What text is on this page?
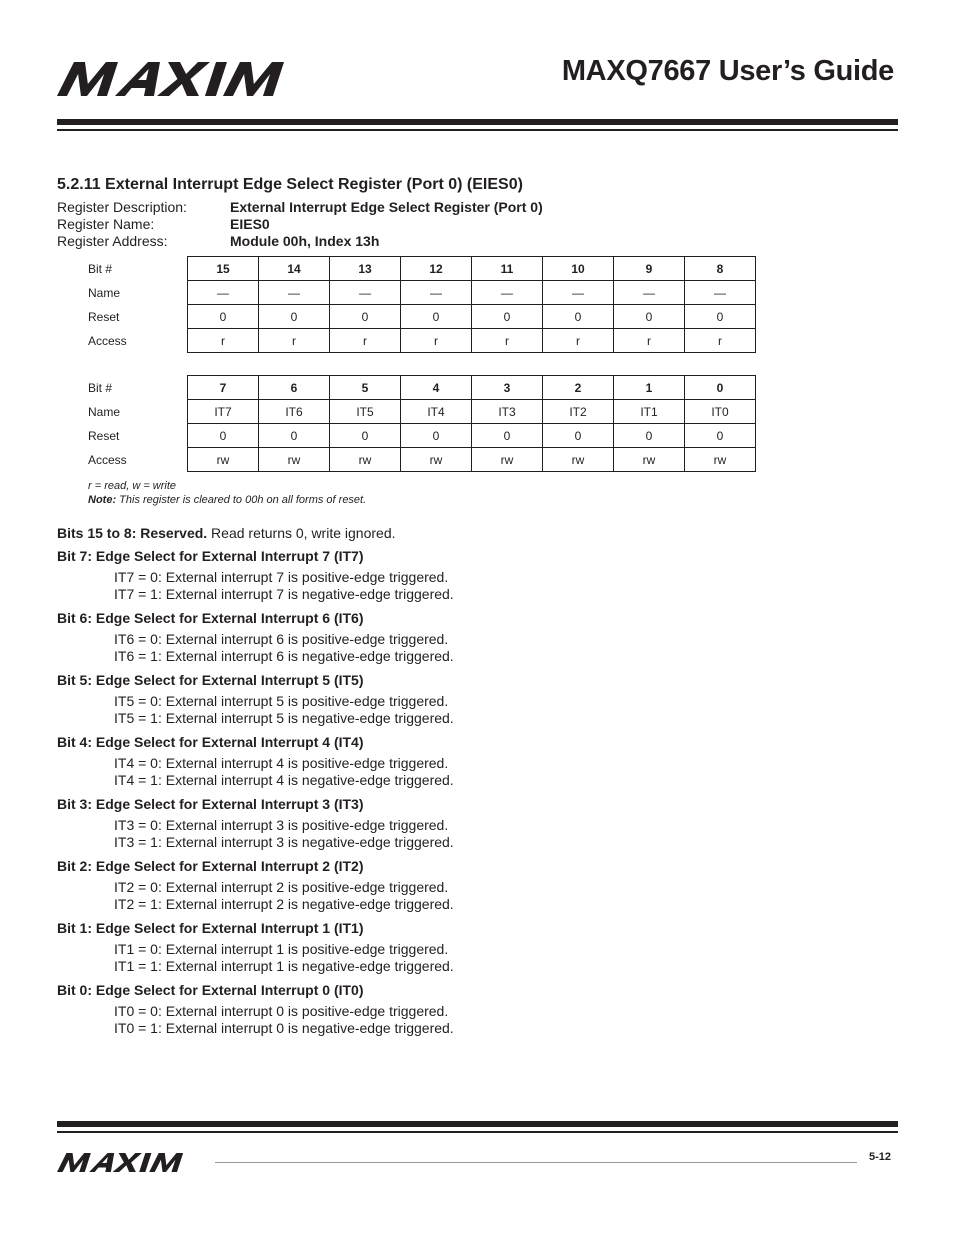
MAXQ7667 User’s Guide
5.2.11 External Interrupt Edge Select Register (Port 0) (EIES0)
Register Description:	External Interrupt Edge Select Register (Port 0)
Register Name:	EIES0
Register Address:	Module 00h, Index 13h
Bit #	15	14	13	12	11	10	9	8
Name	—	—	—	—	—	—	—	—
Reset	0	0	0	0	0	0	0	0
Access	r	r	r	r	r	r	r	r
Bit #	7	6	5	4	3	2	1	0
Name	IT7	IT6	IT5	IT4	IT3	IT2	IT1	IT0
Reset	0	0	0	0	0	0	0	0
Access	rw	rw	rw	rw	rw	rw	rw	rw
r = read, w = write
Note: This register is cleared to 00h on all forms of reset.
Bits 15 to 8: Reserved. Read returns 0, write ignored.
Bit 7: Edge Select for External Interrupt 7 (IT7)
IT7 = 0: External interrupt 7 is positive-edge triggered.
IT7 = 1: External interrupt 7 is negative-edge triggered.
Bit 6: Edge Select for External Interrupt 6 (IT6)
IT6 = 0: External interrupt 6 is positive-edge triggered.
IT6 = 1: External interrupt 6 is negative-edge triggered.
Bit 5: Edge Select for External Interrupt 5 (IT5)
IT5 = 0: External interrupt 5 is positive-edge triggered.
IT5 = 1: External interrupt 5 is negative-edge triggered.
Bit 4: Edge Select for External Interrupt 4 (IT4)
IT4 = 0: External interrupt 4 is positive-edge triggered.
IT4 = 1: External interrupt 4 is negative-edge triggered.
Bit 3: Edge Select for External Interrupt 3 (IT3)
IT3 = 0: External interrupt 3 is positive-edge triggered.
IT3 = 1: External interrupt 3 is negative-edge triggered.
Bit 2: Edge Select for External Interrupt 2 (IT2)
IT2 = 0: External interrupt 2 is positive-edge triggered.
IT2 = 1: External interrupt 2 is negative-edge triggered.
Bit 1: Edge Select for External Interrupt 1 (IT1)
IT1 = 0: External interrupt 1 is positive-edge triggered.
IT1 = 1: External interrupt 1 is negative-edge triggered.
Bit 0: Edge Select for External Interrupt 0 (IT0)
IT0 = 0: External interrupt 0 is positive-edge triggered.
IT0 = 1: External interrupt 0 is negative-edge triggered.
5-12
